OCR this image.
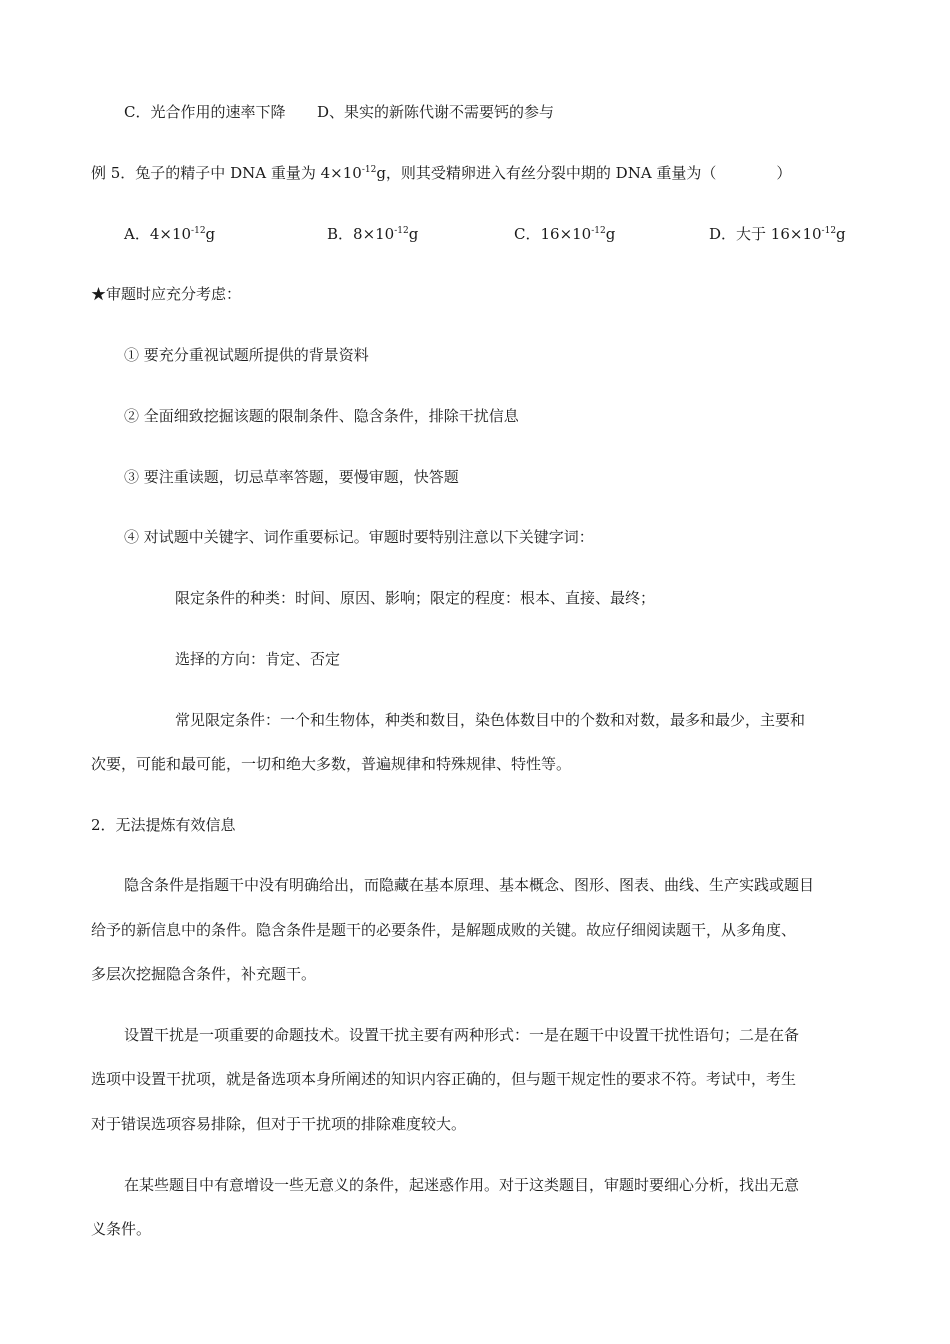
C．光合作用的速率下降 D、果实的新陈代谢不需要钙的参与
例 5．兔子的精子中 DNA 重量为 $4\times 10^{-12}g$，则其受精卵进入有丝分裂中期的 DNA 重量为（　　　　）
A．$4\times 10^{-12}g$	B．$8\times 10^{-12}g$	C．$16\times 10^{-12}g$	D．大于 $16\times 10^{-12}g$
★审题时应充分考虑：
① 要充分重视试题所提供的背景资料
② 全面细致挖掘该题的限制条件、隐含条件，排除干扰信息
③ 要注重读题，切忌草率答题，要慢审题，快答题
④ 对试题中关键字、词作重要标记。审题时要特别注意以下关键字词：
限定条件的种类：时间、原因、影响；限定的程度：根本、直接、最终；
选择的方向：肯定、否定
常见限定条件：一个和生物体，种类和数目，染色体数目中的个数和对数，最多和最少，主要和
次要，可能和最可能，一切和绝大多数，普遍规律和特殊规律、特性等。
2．无法提炼有效信息
隐含条件是指题干中没有明确给出，而隐藏在基本原理、基本概念、图形、图表、曲线、生产实践或题目
给予的新信息中的条件。隐含条件是题干的必要条件，是解题成败的关键。故应仔细阅读题干，从多角度、
多层次挖掘隐含条件，补充题干。
设置干扰是一项重要的命题技术。设置干扰主要有两种形式：一是在题干中设置干扰性语句；二是在备
选项中设置干扰项，就是备选项本身所阐述的知识内容正确的，但与题干规定性的要求不符。考试中，考生
对于错误选项容易排除，但对于干扰项的排除难度较大。
在某些题目中有意增设一些无意义的条件，起迷惑作用。对于这类题目，审题时要细心分析，找出无意
义条件。
